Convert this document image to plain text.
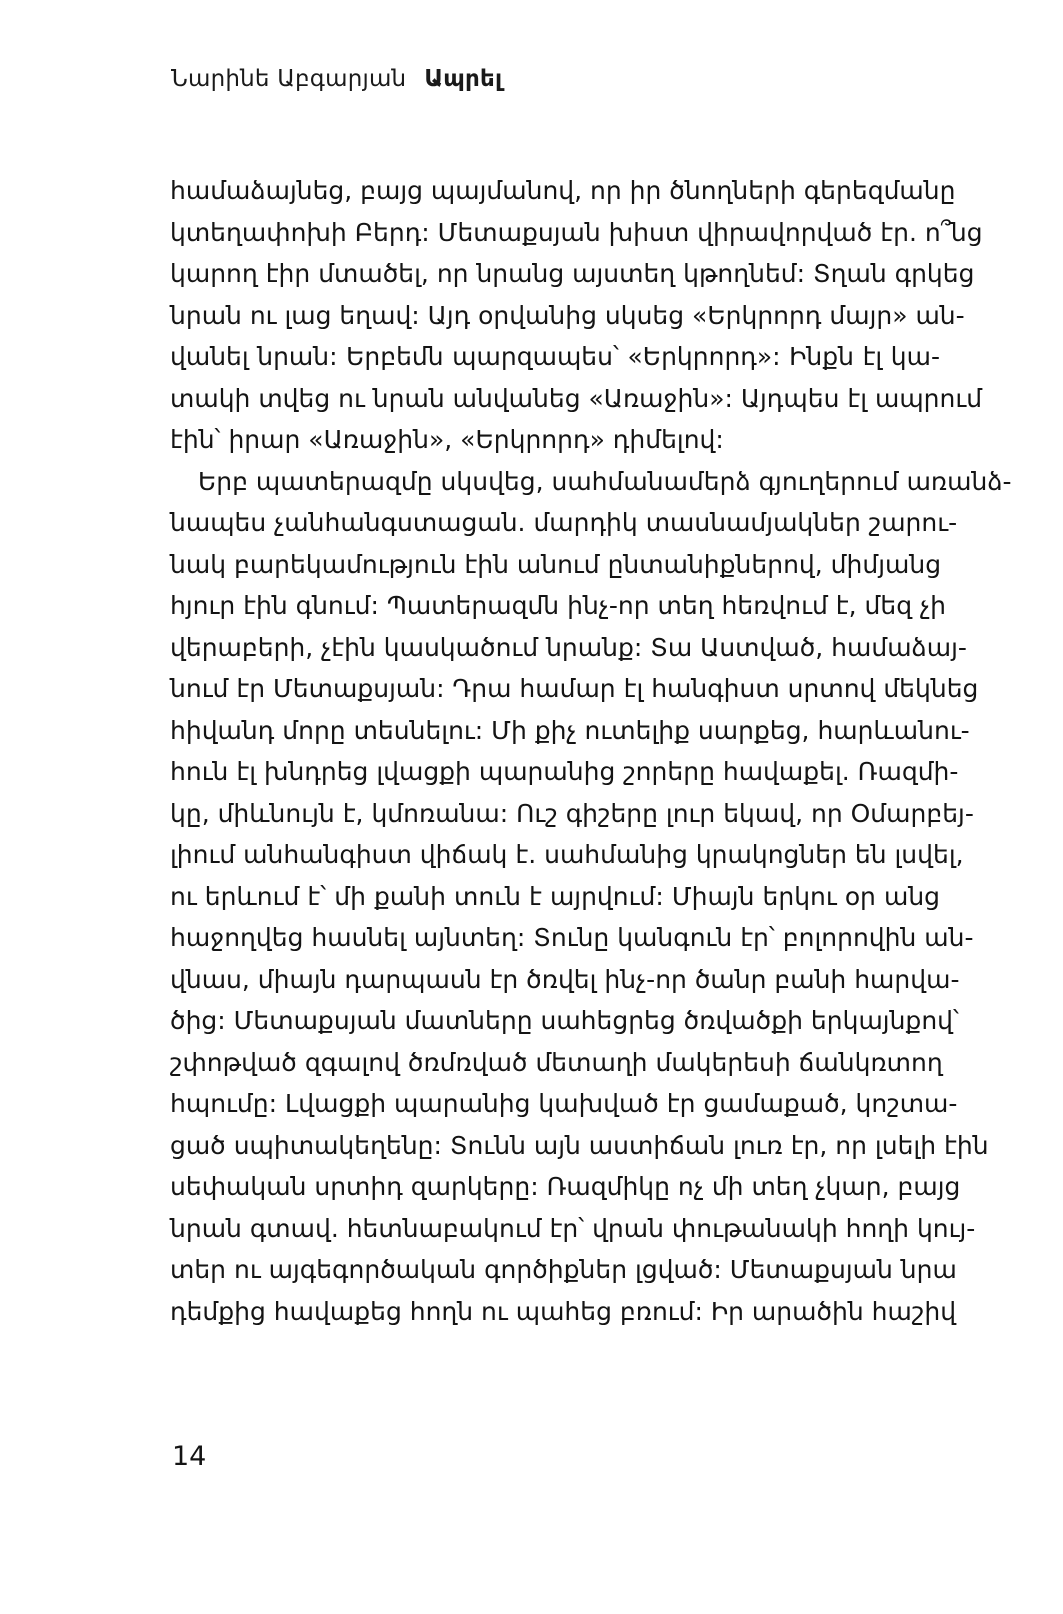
Նարինե Աբգարյան Ապրել
համաձայնեց, բայց պայմանով, որ իր ծնողների գերեզմանը
կտեղափոխի Բերդ: Մետաքսյան խիստ վիրավորված էր. ո՞նց
կարող էիր մտածել, որ նրանց այստեղ կթողնեմ: Տղան գրկեց
նրան ու լաց եղավ: Այդ օրվանից սկսեց «Երկրորդ մայր» ան-
վանել նրան: Երբեմն պարզապես՝ «Երկրորդ»: Ինքն էլ կա-
տակի տվեց ու նրան անվանեց «Առաջին»: Այդպես էլ ապրում
էին՝ իրար «Առաջին», «Երկրորդ» դիմելով:
Երբ պատերազմը սկսվեց, սահմանամերձ գյուղերում առանձ-
նապես չանհանգստացան. մարդիկ տասնամյակներ շարու-
նակ բարեկամություն էին անում ընտանիքներով, միմյանց
հյուր էին գնում: Պատերազմն ինչ-որ տեղ հեռվում է, մեզ չի
վերաբերի, չէին կասկածում նրանք: Տա Աստված, համաձայ-
նում էր Մետաքսյան: Դրա համար էլ հանգիստ սրտով մեկնեց
հիվանդ մորը տեսնելու: Մի քիչ ուտելիք սարքեց, հարևանու-
հուն էլ խնդրեց լվացքի պարանից շորերը հավաքել. Ռազմի-
կը, միևնույն է, կմոռանա: Ուշ գիշերը լուր եկավ, որ Օմարբեյ-
լիում անհանգիստ վիճակ է. սահմանից կրակոցներ են լսվել,
ու երևում է՝ մի քանի տուն է այրվում: Միայն երկու օր անց
հաջողվեց հասնել այնտեղ: Տունը կանգուն էր՝ բոլորովին ան-
վնաս, միայն դարպասն էր ծռվել ինչ-որ ծանր բանի հարվա-
ծից: Մետաքսյան մատները սահեցրեց ծռվածքի երկայնքով՝
շփոթված զգալով ծռմռված մետաղի մակերեսի ճանկռտող
հպումը: Լվացքի պարանից կախված էր ցամաքած, կոշտա-
ցած սպիտակեղենը: Տունն այն աստիճան լուռ էր, որ լսելի էին
սեփական սրտիդ զարկերը: Ռազմիկը ոչ մի տեղ չկար, բայց
նրան գտավ. հետնաբակում էր՝ վրան փութանակի հողի կույ-
տեր ու այգեգործական գործիքներ լցված: Մետաքսյան նրա
դեմքից հավաքեց հողն ու պահեց բռում: Իր արածին հաշիվ
14
